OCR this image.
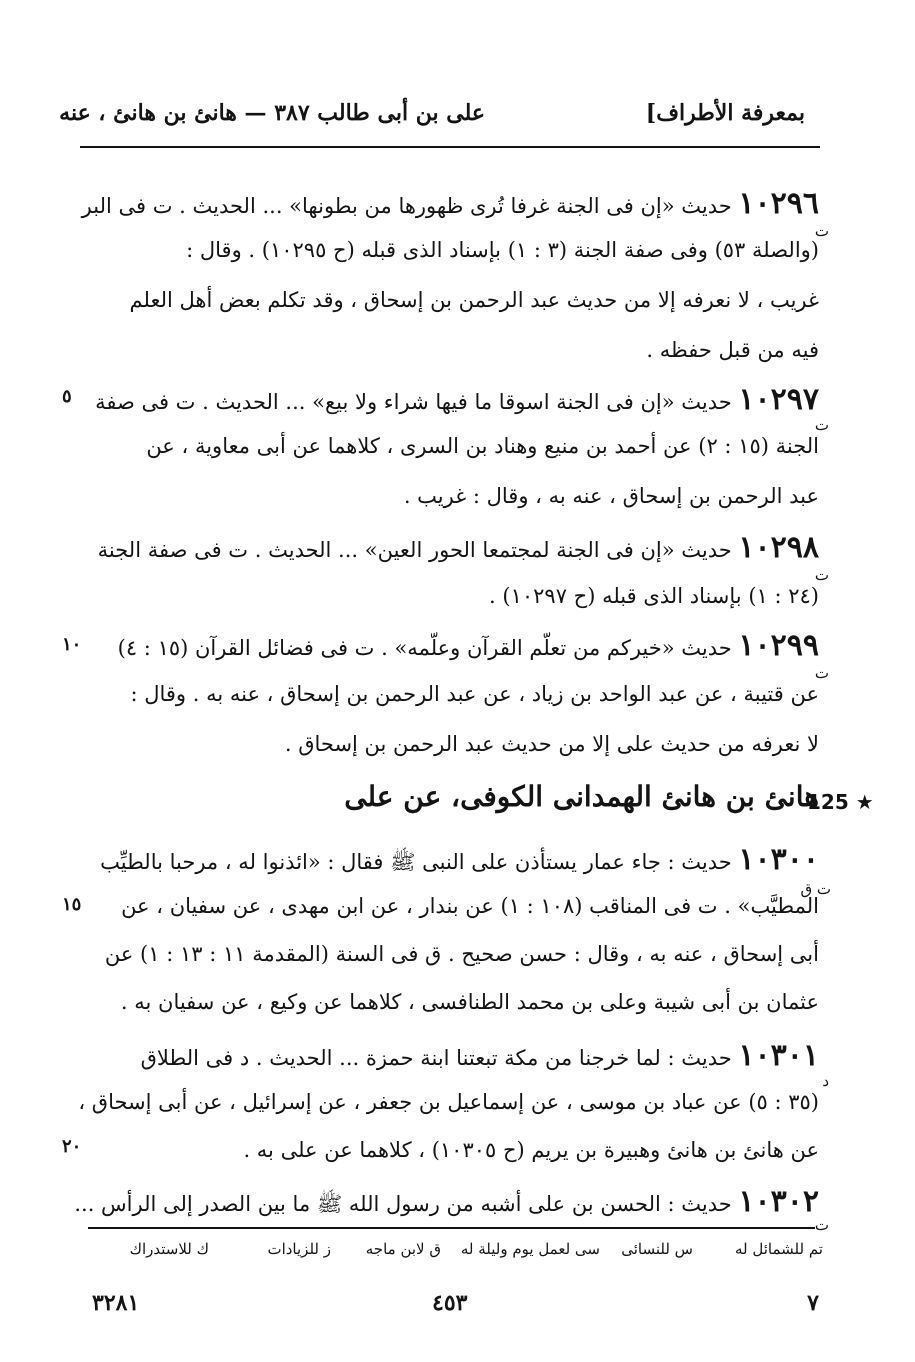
بمعرفة الأطراف]
على بن أبى طالب ٣٨٧ — هانئ بن هانئ ، عنه
١٠٢٩٦ حديث «إن فى الجنة غرفا تُرى ظهورها من بطونها» ... الحديث . ت فى البر
ت
(والصلة ٥٣) وفى صفة الجنة (٣ : ١) بإسناد الذى قبله (ح ١٠٢٩٥) . وقال :
غريب ، لا نعرفه إلا من حديث عبد الرحمن بن إسحاق ، وقد تكلم بعض أهل العلم
فيه من قبل حفظه .
١٠٢٩٧ حديث «إن فى الجنة اسوقا ما فيها شراء ولا بيع» ... الحديث . ت فى صفة
٥
ت
الجنة (١٥ : ٢) عن أحمد بن منيع وهناد بن السرى ، كلاهما عن أبى معاوية ، عن
عبد الرحمن بن إسحاق ، عنه به ، وقال : غريب .
١٠٢٩٨ حديث «إن فى الجنة لمجتمعا الحور العين» ... الحديث . ت فى صفة الجنة
ت
(٢٤ : ١) بإسناد الذى قبله (ح ١٠٢٩٧) .
١٠٢٩٩ حديث «خيركم من تعلّم القرآن وعلّمه» . ت فى فضائل القرآن (١٥ : ٤)
١٠
ت
عن قتيبة ، عن عبد الواحد بن زياد ، عن عبد الرحمن بن إسحاق ، عنه به . وقال :
لا نعرفه من حديث على إلا من حديث عبد الرحمن بن إسحاق .
125 ★
هانئ بن هانئ الهمدانى الكوفى، عن على
١٠٣٠٠ حديث : جاء عمار يستأذن على النبى ﷺ فقال : «ائذنوا له ، مرحبا بالطيِّب
ت ق
١٥ المطيَّب» . ت فى المناقب (١٠٨ : ١) عن بندار ، عن ابن مهدى ، عن سفيان ، عن
أبى إسحاق ، عنه به ، وقال : حسن صحيح . ق فى السنة (المقدمة ١١ : ١٣ : ١) عن
عثمان بن أبى شيبة وعلى بن محمد الطنافسى ، كلاهما عن وكيع ، عن سفيان به .
١٠٣٠١ حديث : لما خرجنا من مكة تبعتنا ابنة حمزة ... الحديث . د فى الطلاق
د
(٣٥ : ٥) عن عباد بن موسى ، عن إسماعيل بن جعفر ، عن إسرائيل ، عن أبى إسحاق ،
٢٠	عن هانئ بن هانئ وهبيرة بن يريم (ح ١٠٣٠٥) ، كلاهما عن على به .
١٠٣٠٢ حديث : الحسن بن على أشبه من رسول الله ﷺ ما بين الصدر إلى الرأس ...
ت
تم للشمائل له
س للنسائى
سى لعمل يوم وليلة له
ق لابن ماجه
ز للزيادات
ك للاستدراك
٧
٤٥٣
٣٢٨١
